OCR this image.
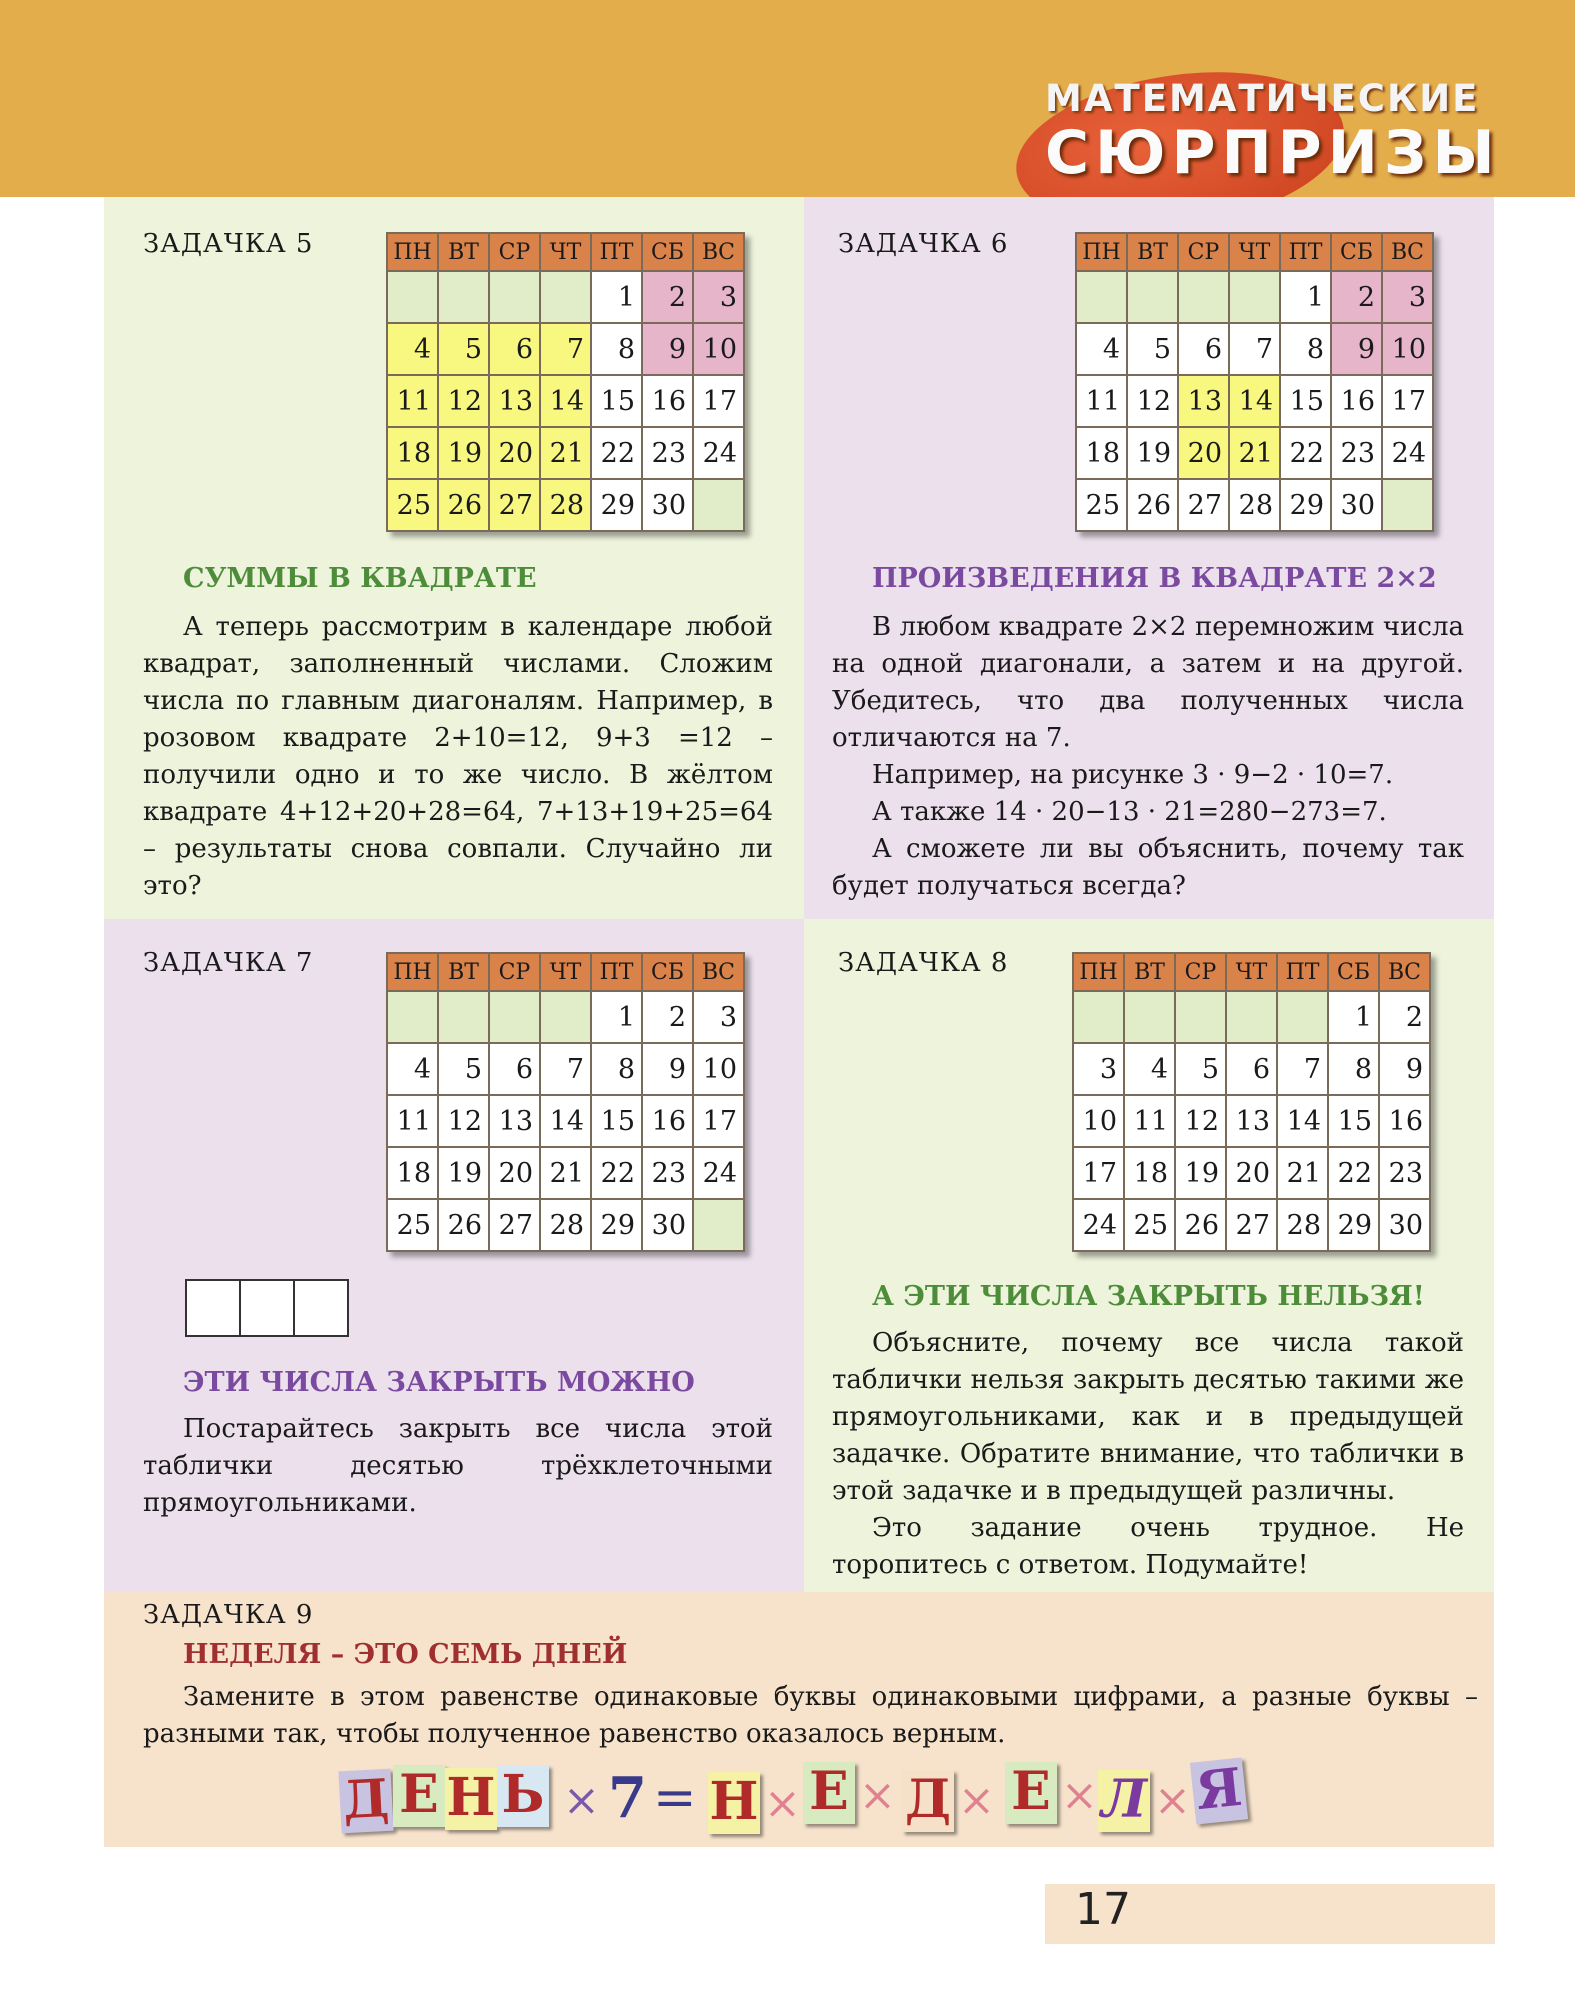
МАТЕМАТИЧЕСКИЕ
СЮРПРИЗЫ
ЗАДАЧКА 5	ПН	ВТ	СР	ЧТ	ПТ	СБ	ВС
				1	2	3
4	5	6	7	8	9	10
11	12	13	14	15	16	17
18	19	20	21	22	23	24
25	26	27	28	29	30	
СУММЫ В КВАДРАТЕ

А теперь рассмотрим в календаре любой квадрат, заполненный числами. Сложим числа по главным диагоналям. Например, в розовом квадрате 2+10=12, 9+3 =12 – получили одно и то же число. В жёлтом квадрате 4+12+20+28=64, 7+13+19+25=64 – результаты снова совпали. Случайно ли это?

ЗАДАЧКА 6	ПН	ВТ	СР	ЧТ	ПТ	СБ	ВС
				1	2	3
4	5	6	7	8	9	10
11	12	13	14	15	16	17
18	19	20	21	22	23	24
25	26	27	28	29	30	
ПРОИЗВЕДЕНИЯ В КВАДРАТЕ 2×2

В любом квадрате 2×2 перемножим числа на одной диагонали, а затем и на другой. Убедитесь, что два полученных числа отличаются на 7.

Например, на рисунке 3 · 9−2 · 10=7.

А также 14 · 20−13 · 21=280−273=7.

А сможете ли вы объяснить, почему так будет получаться всегда?

ЗАДАЧКА 7	ПН	ВТ	СР	ЧТ	ПТ	СБ	ВС
				1	2	3
4	5	6	7	8	9	10
11	12	13	14	15	16	17
18	19	20	21	22	23	24
25	26	27	28	29	30	
ЭТИ ЧИСЛА ЗАКРЫТЬ МОЖНО

Постарайтесь закрыть все числа этой таблички десятью трёхклеточными прямоугольниками.

ЗАДАЧКА 8	ПН	ВТ	СР	ЧТ	ПТ	СБ	ВС
					1	2
3	4	5	6	7	8	9
10	11	12	13	14	15	16
17	18	19	20	21	22	23
24	25	26	27	28	29	30
А ЭТИ ЧИСЛА ЗАКРЫТЬ НЕЛЬЗЯ!

Объясните, почему все числа такой таблички нельзя закрыть десятью такими же прямоугольниками, как и в предыдущей задачке. Обратите внимание, что таблички в этой задачке и в предыдущей различны.

Это задание очень трудное. Не торопитесь с ответом. Подумайте!

ЗАДАЧКА 9
НЕДЕЛЯ – ЭТО СЕМЬ ДНЕЙ

Замените в этом равенстве одинаковые буквы одинаковыми цифрами, а разные буквы – разными так, чтобы полученное равенство оказалось верным.

Д Е Н Ь × 7 = Н × Е × Д × Е × Л × Я
17
